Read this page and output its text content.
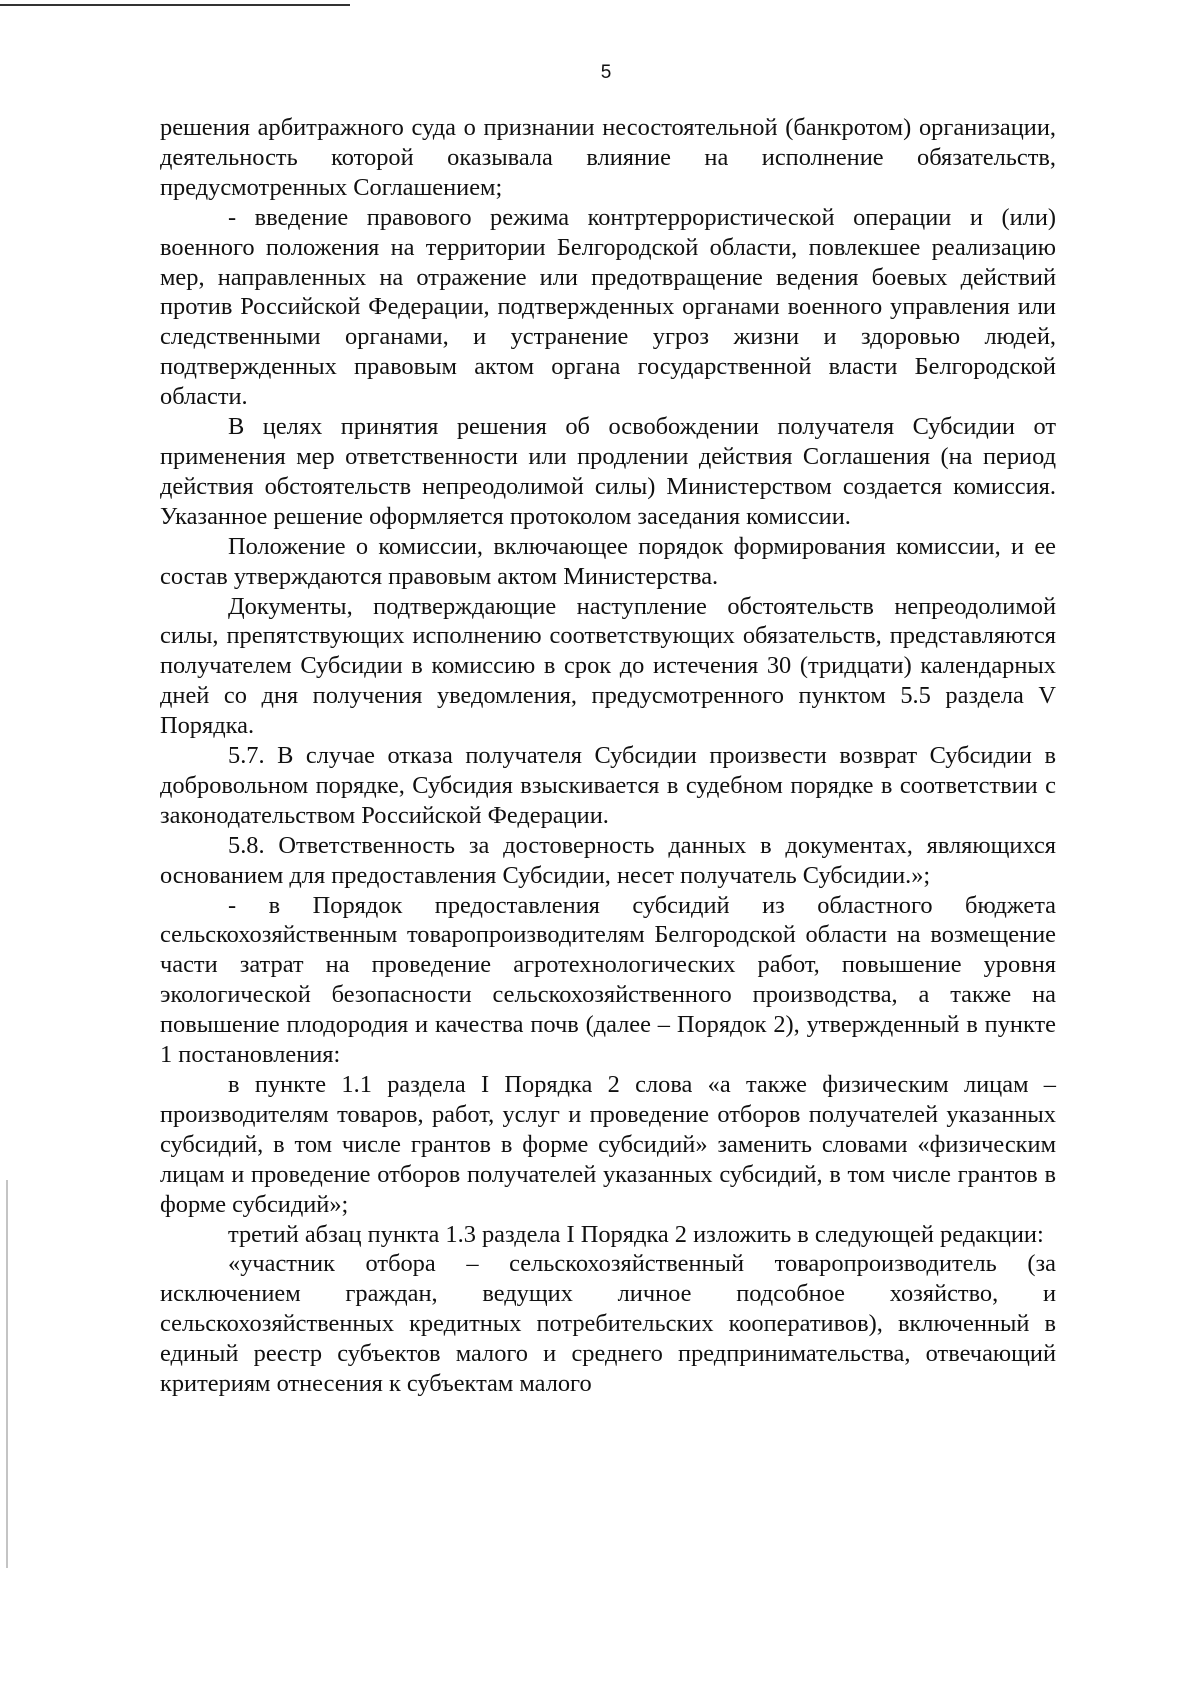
5

решения арбитражного суда о признании несостоятельной (банкротом) организации, деятельность которой оказывала влияние на исполнение обязательств, предусмотренных Соглашением;

- введение правового режима контртеррористической операции и (или) военного положения на территории Белгородской области, повлекшее реализацию мер, направленных на отражение или предотвращение ведения боевых действий против Российской Федерации, подтвержденных органами военного управления или следственными органами, и устранение угроз жизни и здоровью людей, подтвержденных правовым актом органа государственной власти Белгородской области.

В целях принятия решения об освобождении получателя Субсидии от применения мер ответственности или продлении действия Соглашения (на период действия обстоятельств непреодолимой силы) Министерством создается комиссия. Указанное решение оформляется протоколом заседания комиссии.

Положение о комиссии, включающее порядок формирования комиссии, и ее состав утверждаются правовым актом Министерства.

Документы, подтверждающие наступление обстоятельств непреодолимой силы, препятствующих исполнению соответствующих обязательств, представляются получателем Субсидии в комиссию в срок до истечения 30 (тридцати) календарных дней со дня получения уведомления, предусмотренного пунктом 5.5 раздела V Порядка.

5.7. В случае отказа получателя Субсидии произвести возврат Субсидии в добровольном порядке, Субсидия взыскивается в судебном порядке в соответствии с законодательством Российской Федерации.

5.8. Ответственность за достоверность данных в документах, являющихся основанием для предоставления Субсидии, несет получатель Субсидии.»;

- в Порядок предоставления субсидий из областного бюджета сельскохозяйственным товаропроизводителям Белгородской области на возмещение части затрат на проведение агротехнологических работ, повышение уровня экологической безопасности сельскохозяйственного производства, а также на повышение плодородия и качества почв (далее – Порядок 2), утвержденный в пункте 1 постановления:

в пункте 1.1 раздела I Порядка 2 слова «а также физическим лицам – производителям товаров, работ, услуг и проведение отборов получателей указанных субсидий, в том числе грантов в форме субсидий» заменить словами «физическим лицам и проведение отборов получателей указанных субсидий, в том числе грантов в форме субсидий»;

третий абзац пункта 1.3 раздела I Порядка 2 изложить в следующей редакции:

«участник отбора – сельскохозяйственный товаропроизводитель (за исключением граждан, ведущих личное подсобное хозяйство, и сельскохозяйственных кредитных потребительских кооперативов), включенный в единый реестр субъектов малого и среднего предпринимательства, отвечающий критериям отнесения к субъектам малого
